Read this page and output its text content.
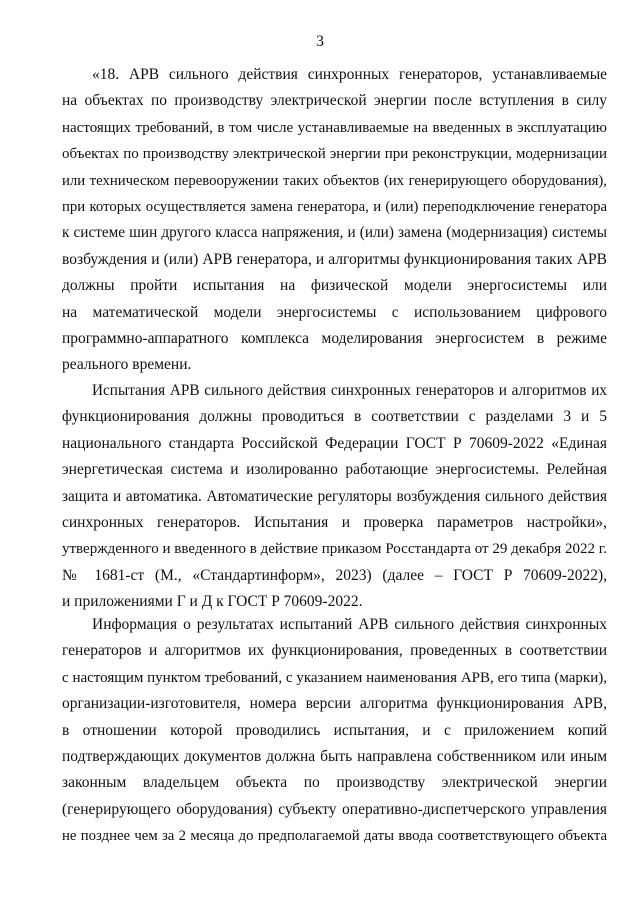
3
«18. АРВ сильного действия синхронных генераторов, устанавливаемые
на объектах по производству электрической энергии после вступления в силу
настоящих требований, в том числе устанавливаемые на введенных в эксплуатацию
объектах по производству электрической энергии при реконструкции, модернизации
или техническом перевооружении таких объектов (их генерирующего оборудования),
при которых осуществляется замена генератора, и (или) переподключение генератора
к системе шин другого класса напряжения, и (или) замена (модернизация) системы
возбуждения и (или) АРВ генератора, и алгоритмы функционирования таких АРВ
должны пройти испытания на физической модели энергосистемы или
на математической модели энергосистемы с использованием цифрового
программно-аппаратного комплекса моделирования энергосистем в режиме
реального времени.
Испытания АРВ сильного действия синхронных генераторов и алгоритмов их
функционирования должны проводиться в соответствии с разделами 3 и 5
национального стандарта Российской Федерации ГОСТ Р 70609-2022 «Единая
энергетическая система и изолированно работающие энергосистемы. Релейная
защита и автоматика. Автоматические регуляторы возбуждения сильного действия
синхронных генераторов. Испытания и проверка параметров настройки»,
утвержденного и введенного в действие приказом Росстандарта от 29 декабря 2022 г.
№ 1681-ст (М., «Стандартинформ», 2023) (далее – ГОСТ Р 70609-2022),
и приложениями Г и Д к ГОСТ Р 70609-2022.
Информация о результатах испытаний АРВ сильного действия синхронных
генераторов и алгоритмов их функционирования, проведенных в соответствии
с настоящим пунктом требований, с указанием наименования АРВ, его типа (марки),
организации-изготовителя, номера версии алгоритма функционирования АРВ,
в отношении которой проводились испытания, и с приложением копий
подтверждающих документов должна быть направлена собственником или иным
законным владельцем объекта по производству электрической энергии
(генерирующего оборудования) субъекту оперативно-диспетчерского управления
не позднее чем за 2 месяца до предполагаемой даты ввода соответствующего объекта
